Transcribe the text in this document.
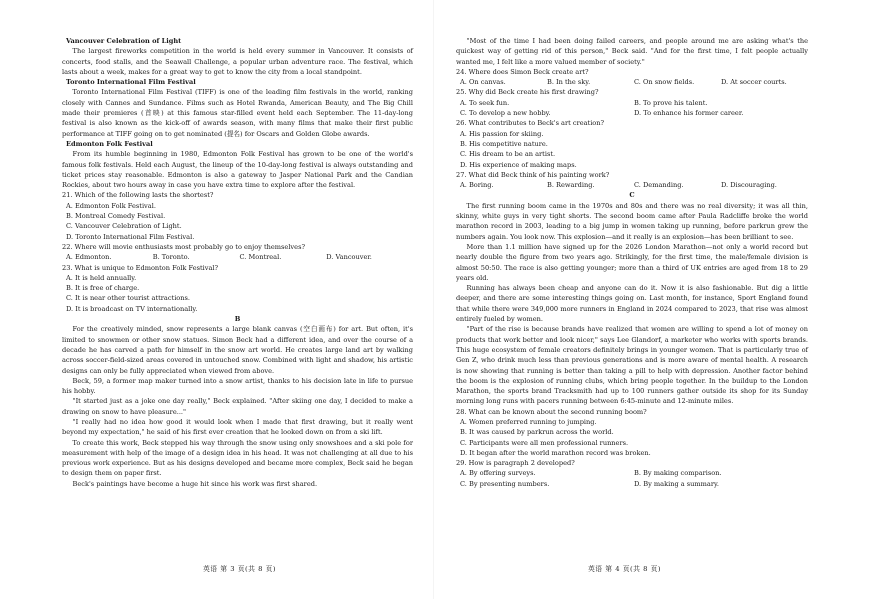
Vancouver Celebration of Light

The largest fireworks competition in the world is held every summer in Vancouver. It consists of concerts, food stalls, and the Seawall Challenge, a popular urban adventure race. The festival, which lasts about a week, makes for a great way to get to know the city from a local standpoint.

Toronto International Film Festival

Toronto International Film Festival (TIFF) is one of the leading film festivals in the world, ranking closely with Cannes and Sundance. Films such as Hotel Rwanda, American Beauty, and The Big Chill made their premieres (首映) at this famous star-filled event held each September. The 11-day-long festival is also known as the kick-off of awards season, with many films that make their first public performance at TIFF going on to get nominated (提名) for Oscars and Golden Globe awards.

Edmonton Folk Festival

From its humble beginning in 1980, Edmonton Folk Festival has grown to be one of the world's famous folk festivals. Held each August, the lineup of the 10-day-long festival is always outstanding and ticket prices stay reasonable. Edmonton is also a gateway to Jasper National Park and the Candian Rockies, about two hours away in case you have extra time to explore after the festival.

21. Which of the following lasts the shortest?

A. Edmonton Folk Festival.

B. Montreal Comedy Festival.

C. Vancouver Celebration of Light.

D. Toronto International Film Festival.

22. Where will movie enthusiasts most probably go to enjoy themselves?

A. Edmonton.	B. Toronto.	C. Montreal.	D. Vancouver.

23. What is unique to Edmonton Folk Festival?

A. It is held annually.

B. It is free of charge.

C. It is near other tourist attractions.

D. It is broadcast on TV internationally.

B

For the creatively minded, snow represents a large blank canvas (空白画布) for art. But often, it's limited to snowmen or other snow statues. Simon Beck had a different idea, and over the course of a decade he has carved a path for himself in the snow art world. He creates large land art by walking across soccer-field-sized areas covered in untouched snow. Combined with light and shadow, his artistic designs can only be fully appreciated when viewed from above.

Beck, 59, a former map maker turned into a snow artist, thanks to his decision late in life to pursue his hobby.

"It started just as a joke one day really," Beck explained. "After skiing one day, I decided to make a drawing on snow to have pleasure..."

"I really had no idea how good it would look when I made that first drawing, but it really went beyond my expectation," he said of his first ever creation that he looked down on from a ski lift.

To create this work, Beck stepped his way through the snow using only snowshoes and a ski pole for measurement with help of the image of a design idea in his head. It was not challenging at all due to his previous work experience. But as his designs developed and became more complex, Beck said he began to design them on paper first.

Beck's paintings have become a huge hit since his work was first shared.

"Most of the time I had been doing failed careers, and people around me are asking what's the quickest way of getting rid of this person," Beck said. "And for the first time, I felt people actually wanted me, I felt like a more valued member of society."

24. Where does Simon Beck create art?

A. On canvas.	B. In the sky.	C. On snow fields.	D. At soccer courts.

25. Why did Beck create his first drawing?

A. To seek fun.	B. To prove his talent.
C. To develop a new hobby.	D. To enhance his former career.

26. What contributes to Beck's art creation?

A. His passion for skiing.

B. His competitive nature.

C. His dream to be an artist.

D. His experience of making maps.

27. What did Beck think of his painting work?

A. Boring.	B. Rewarding.	C. Demanding.	D. Discouraging.

C

The first running boom came in the 1970s and 80s and there was no real diversity; it was all thin, skinny, white guys in very tight shorts. The second boom came after Paula Radcliffe broke the world marathon record in 2003, leading to a big jump in women taking up running, before parkrun grew the numbers again. You look now. This explosion—and it really is an explosion—has been brilliant to see.

More than 1.1 million have signed up for the 2026 London Marathon—not only a world record but nearly double the figure from two years ago. Strikingly, for the first time, the male/female division is almost 50:50. The race is also getting younger; more than a third of UK entries are aged from 18 to 29 years old.

Running has always been cheap and anyone can do it. Now it is also fashionable. But dig a little deeper, and there are some interesting things going on. Last month, for instance, Sport England found that while there were 349,000 more runners in England in 2024 compared to 2023, that rise was almost entirely fueled by women.

"Part of the rise is because brands have realized that women are willing to spend a lot of money on products that work better and look nicer," says Lee Glandorf, a marketer who works with sports brands. This huge ecosystem of female creators definitely brings in younger women. That is particularly true of Gen Z, who drink much less than previous generations and is more aware of mental health. A research is now showing that running is better than taking a pill to help with depression. Another factor behind the boom is the explosion of running clubs, which bring people together. In the buildup to the London Marathon, the sports brand Tracksmith had up to 100 runners gather outside its shop for its Sunday morning long runs with pacers running between 6:45-minute and 12-minute miles.

28. What can be known about the second running boom?

A. Women preferred running to jumping.

B. It was caused by parkrun across the world.

C. Participants were all men professional runners.

D. It began after the world marathon record was broken.

29. How is paragraph 2 developed?

A. By offering surveys.	B. By making comparison.
C. By presenting numbers.	D. By making a summary.
英语 第 3 页(共 8 页)	英语 第 4 页(共 8 页)
